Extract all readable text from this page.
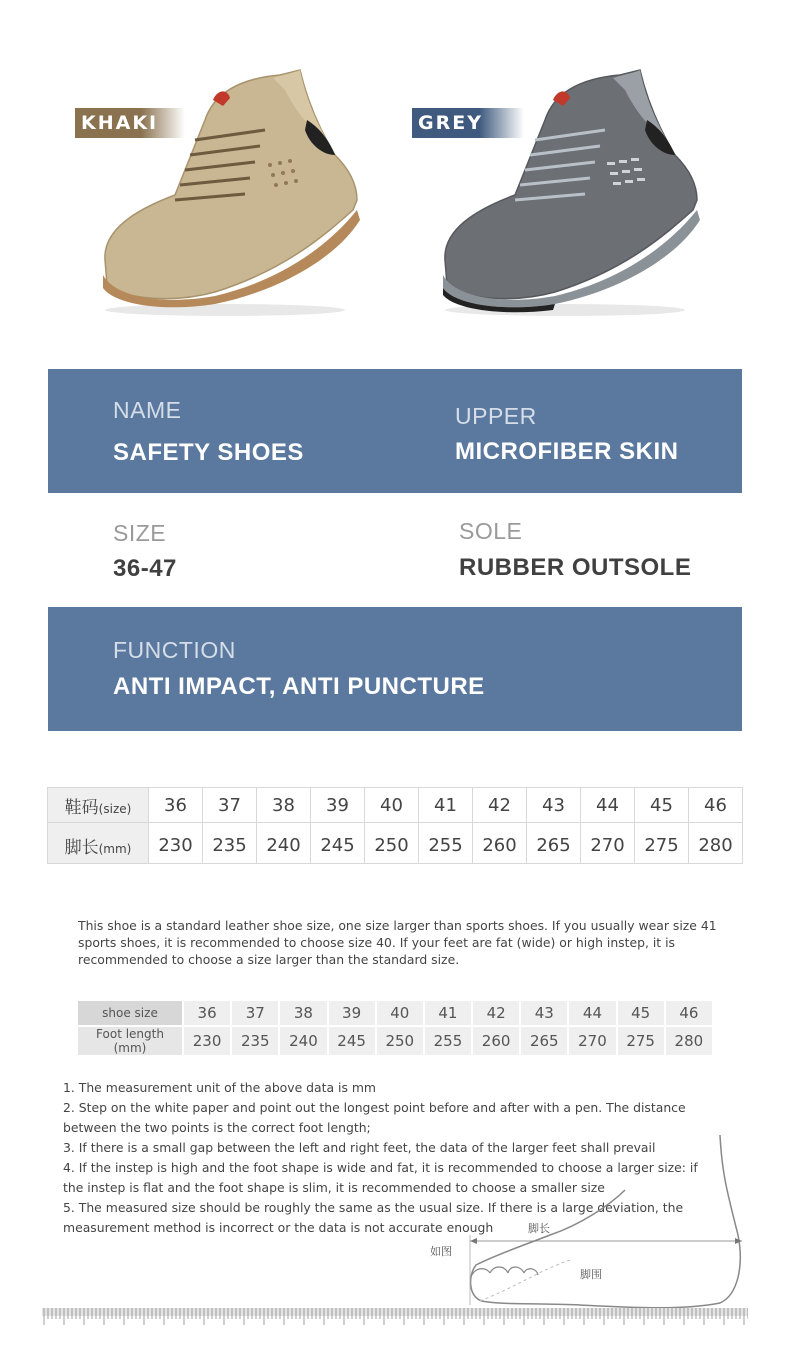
KHAKI	GREY
NAME
SAFETY SHOES
UPPER
MICROFIBER SKIN
SIZE
36-47
SOLE
RUBBER OUTSOLE
FUNCTION
ANTI IMPACT, ANTI PUNCTURE
鞋码(size)	36	37	38	39	40	41	42	43	44	45	46
脚长(mm)	230	235	240	245	250	255	260	265	270	275	280
This shoe is a standard leather shoe size, one size larger than sports shoes. If you usually wear size 41 sports shoes, it is recommended to choose size 40. If your feet are fat (wide) or high instep, it is recommended to choose a size larger than the standard size.
shoe size	36	37	38	39	40	41	42	43	44	45	46
Foot length (mm)	230	235	240	245	250	255	260	265	270	275	280

1. The measurement unit of the above data is mm

2. Step on the white paper and point out the longest point before and after with a pen. The distance between the two points is the correct foot length;

3. If there is a small gap between the left and right feet, the data of the larger feet shall prevail

4. If the instep is high and the foot shape is wide and fat, it is recommended to choose a larger size: if the instep is flat and the foot shape is slim, it is recommended to choose a smaller size

5. The measured size should be roughly the same as the usual size. If there is a large deviation, the measurement method is incorrect or the data is not accurate enough	脚长
如图
脚围
